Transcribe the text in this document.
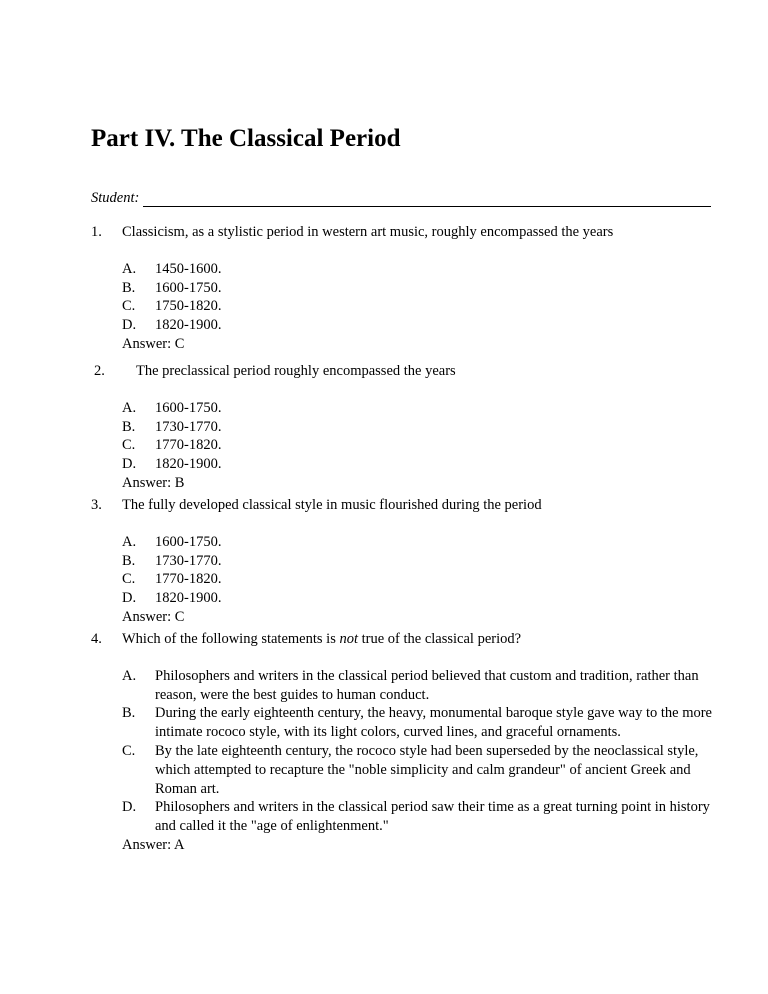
Part IV. The Classical Period
Student:
1. Classicism, as a stylistic period in western art music, roughly encompassed the years
A. 1450-1600.
B. 1600-1750.
C. 1750-1820.
D. 1820-1900.
Answer: C
2. The preclassical period roughly encompassed the years
A. 1600-1750.
B. 1730-1770.
C. 1770-1820.
D. 1820-1900.
Answer: B
3. The fully developed classical style in music flourished during the period
A. 1600-1750.
B. 1730-1770.
C. 1770-1820.
D. 1820-1900.
Answer: C
4. Which of the following statements is not true of the classical period?
A. Philosophers and writers in the classical period believed that custom and tradition, rather than reason, were the best guides to human conduct.
B. During the early eighteenth century, the heavy, monumental baroque style gave way to the more intimate rococo style, with its light colors, curved lines, and graceful ornaments.
C. By the late eighteenth century, the rococo style had been superseded by the neoclassical style, which attempted to recapture the "noble simplicity and calm grandeur" of ancient Greek and Roman art.
D. Philosophers and writers in the classical period saw their time as a great turning point in history and called it the "age of enlightenment."
Answer: A
